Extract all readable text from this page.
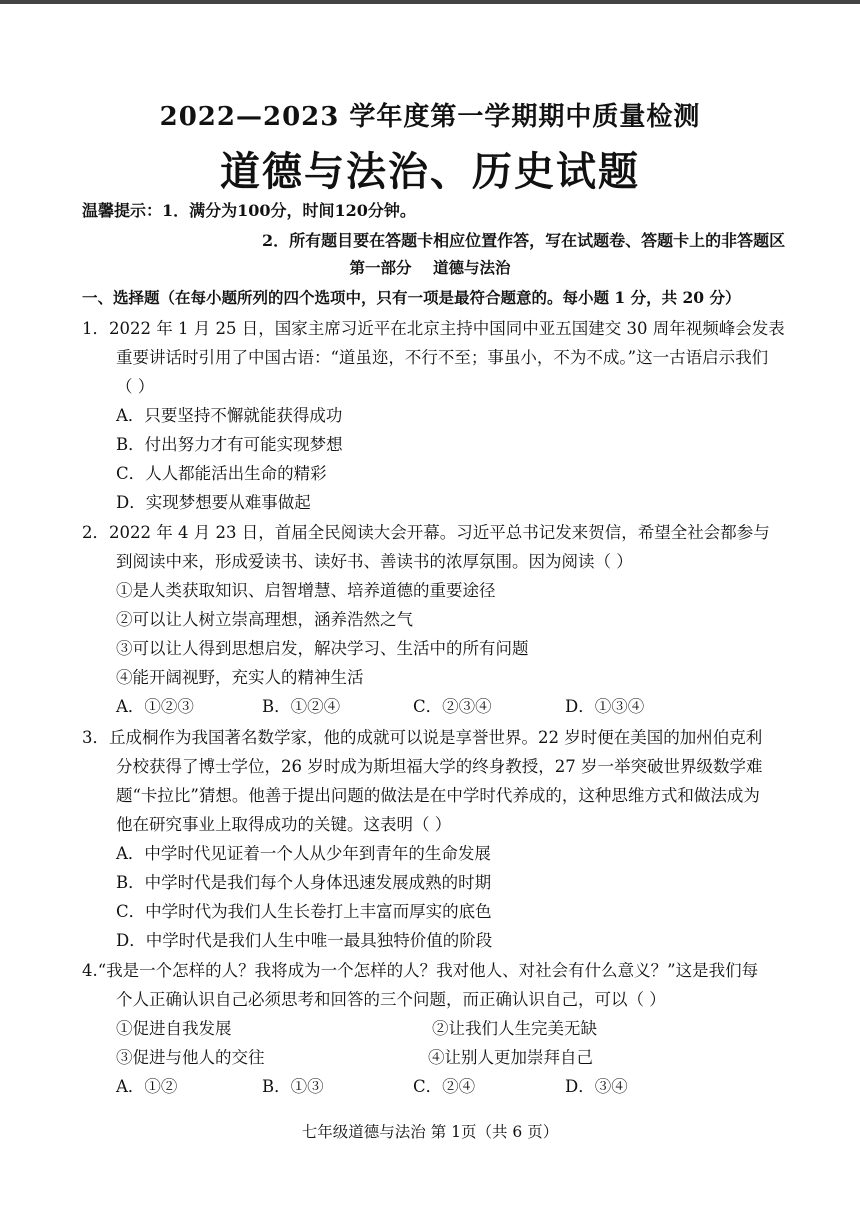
2022—2023 学年度第一学期期中质量检测
道德与法治、历史试题
温馨提示：1．满分为100分，时间120分钟。
2．所有题目要在答题卡相应位置作答，写在试题卷、答题卡上的非答题区
第一部分 道德与法治
一、选择题（在每小题所列的四个选项中，只有一项是最符合题意的。每小题 1 分，共 20 分）
1．2022 年 1 月 25 日，国家主席习近平在北京主持中国同中亚五国建交 30 周年视频峰会发表
重要讲话时引用了中国古语：“道虽迩，不行不至；事虽小，不为不成。”这一古语启示我们
（ ）
A．只要坚持不懈就能获得成功
B．付出努力才有可能实现梦想
C．人人都能活出生命的精彩
D．实现梦想要从难事做起
2．2022 年 4 月 23 日，首届全民阅读大会开幕。习近平总书记发来贺信，希望全社会都参与
到阅读中来，形成爱读书、读好书、善读书的浓厚氛围。因为阅读（ ）
①是人类获取知识、启智增慧、培养道德的重要途径
②可以让人树立崇高理想，涵养浩然之气
③可以让人得到思想启发，解决学习、生活中的所有问题
④能开阔视野，充实人的精神生活
A．①②③	B．①②④	C．②③④	D．①③④
3．丘成桐作为我国著名数学家，他的成就可以说是享誉世界。22 岁时便在美国的加州伯克利
分校获得了博士学位，26 岁时成为斯坦福大学的终身教授，27 岁一举突破世界级数学难
题“卡拉比”猜想。他善于提出问题的做法是在中学时代养成的，这种思维方式和做法成为
他在研究事业上取得成功的关键。这表明（ ）
A．中学时代见证着一个人从少年到青年的生命发展
B．中学时代是我们每个人身体迅速发展成熟的时期
C．中学时代为我们人生长卷打上丰富而厚实的底色
D．中学时代是我们人生中唯一最具独特价值的阶段
4.“我是一个怎样的人？我将成为一个怎样的人？我对他人、对社会有什么意义？”这是我们每
个人正确认识自己必须思考和回答的三个问题，而正确认识自己，可以（ ）
①促进自我发展	②让我们人生完美无缺
③促进与他人的交往	④让别人更加崇拜自己
A．①②	B．①③	C．②④	D．③④
七年级道德与法治 第 1页（共 6 页）
